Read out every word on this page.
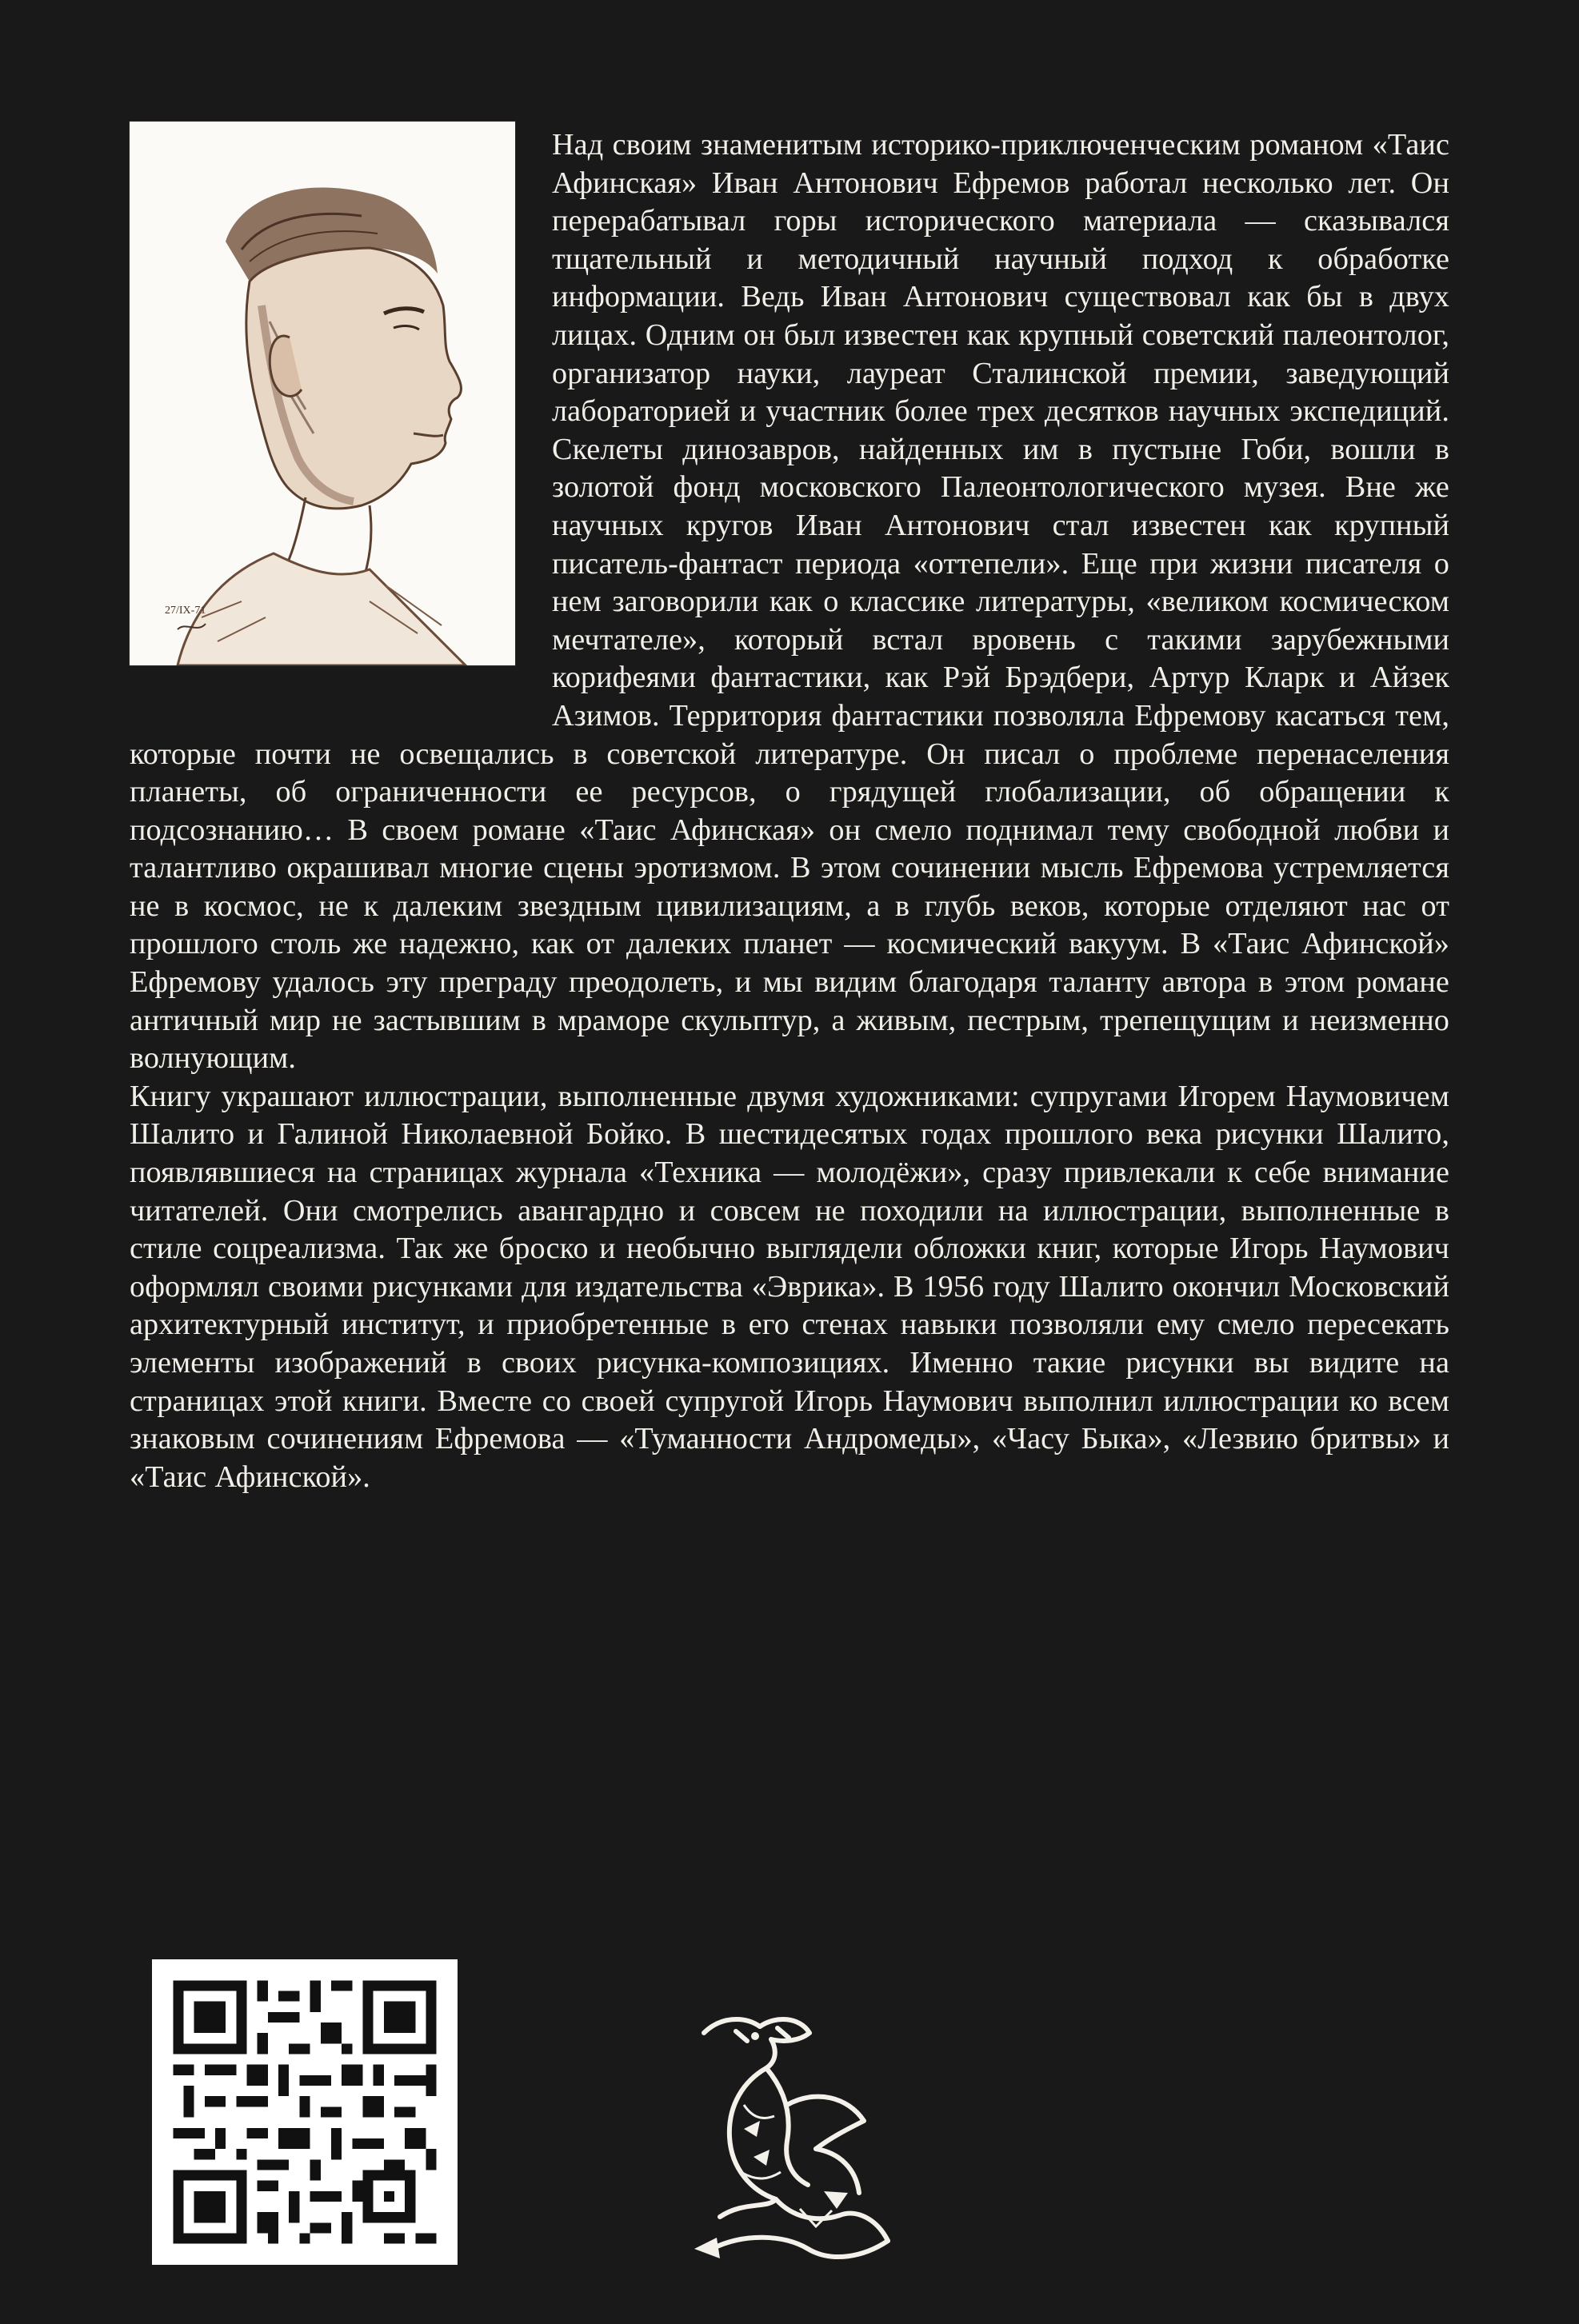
27/IX-71

Над своим знаменитым историко-приключенческим романом «Таис Афинская» Иван Антонович Ефремов работал несколько лет. Он перерабатывал горы исторического материала — сказывался тщательный и методичный научный подход к обработке информации. Ведь Иван Антонович существовал как бы в двух лицах. Одним он был известен как крупный советский палеонтолог, организатор науки, лауреат Сталинской премии, заведующий лабораторией и участник более трех десятков научных экспедиций. Скелеты динозавров, найденных им в пустыне Гоби, вошли в золотой фонд московского Палеонтологического музея. Вне же научных кругов Иван Антонович стал известен как крупный писатель-фантаст периода «оттепели». Еще при жизни писателя о нем заговорили как о классике литературы, «великом космическом мечтателе», который встал вровень с такими зарубежными корифеями фантастики, как Рэй Брэдбери, Артур Кларк и Айзек Азимов. Территория фантастики позволяла Ефремову касаться тем, которые почти не освещались в советской литературе. Он писал о проблеме перенаселения планеты, об ограниченности ее ресурсов, о грядущей глобализации, об обращении к подсознанию… В своем романе «Таис Афинская» он смело поднимал тему свободной любви и талантливо окрашивал многие сцены эротизмом. В этом сочинении мысль Ефремова устремляется не в космос, не к далеким звездным цивилизациям, а в глубь веков, которые отделяют нас от прошлого столь же надежно, как от далеких планет — космический вакуум. В «Таис Афинской» Ефремову удалось эту преграду преодолеть, и мы видим благодаря таланту автора в этом романе античный мир не застывшим в мраморе скульптур, а живым, пестрым, трепещущим и неизменно волнующим.

Книгу украшают иллюстрации, выполненные двумя художниками: супругами Игорем Наумовичем Шалито и Галиной Николаевной Бойко. В шестидесятых годах прошлого века рисунки Шалито, появлявшиеся на страницах журнала «Техника — молодёжи», сразу привлекали к себе внимание читателей. Они смотрелись авангардно и совсем не походили на иллюстрации, выполненные в стиле соцреализма. Так же броско и необычно выглядели обложки книг, которые Игорь Наумович оформлял своими рисунками для издательства «Эврика». В 1956 году Шалито окончил Московский архитектурный институт, и приобретенные в его стенах навыки позволяли ему смело пересекать элементы изображений в своих рисунка-композициях. Именно такие рисунки вы видите на страницах этой книги. Вместе со своей супругой Игорь Наумович выполнил иллюстрации ко всем знаковым сочинениям Ефремова — «Туманности Андромеды», «Часу Быка», «Лезвию бритвы» и «Таис Афинской».
